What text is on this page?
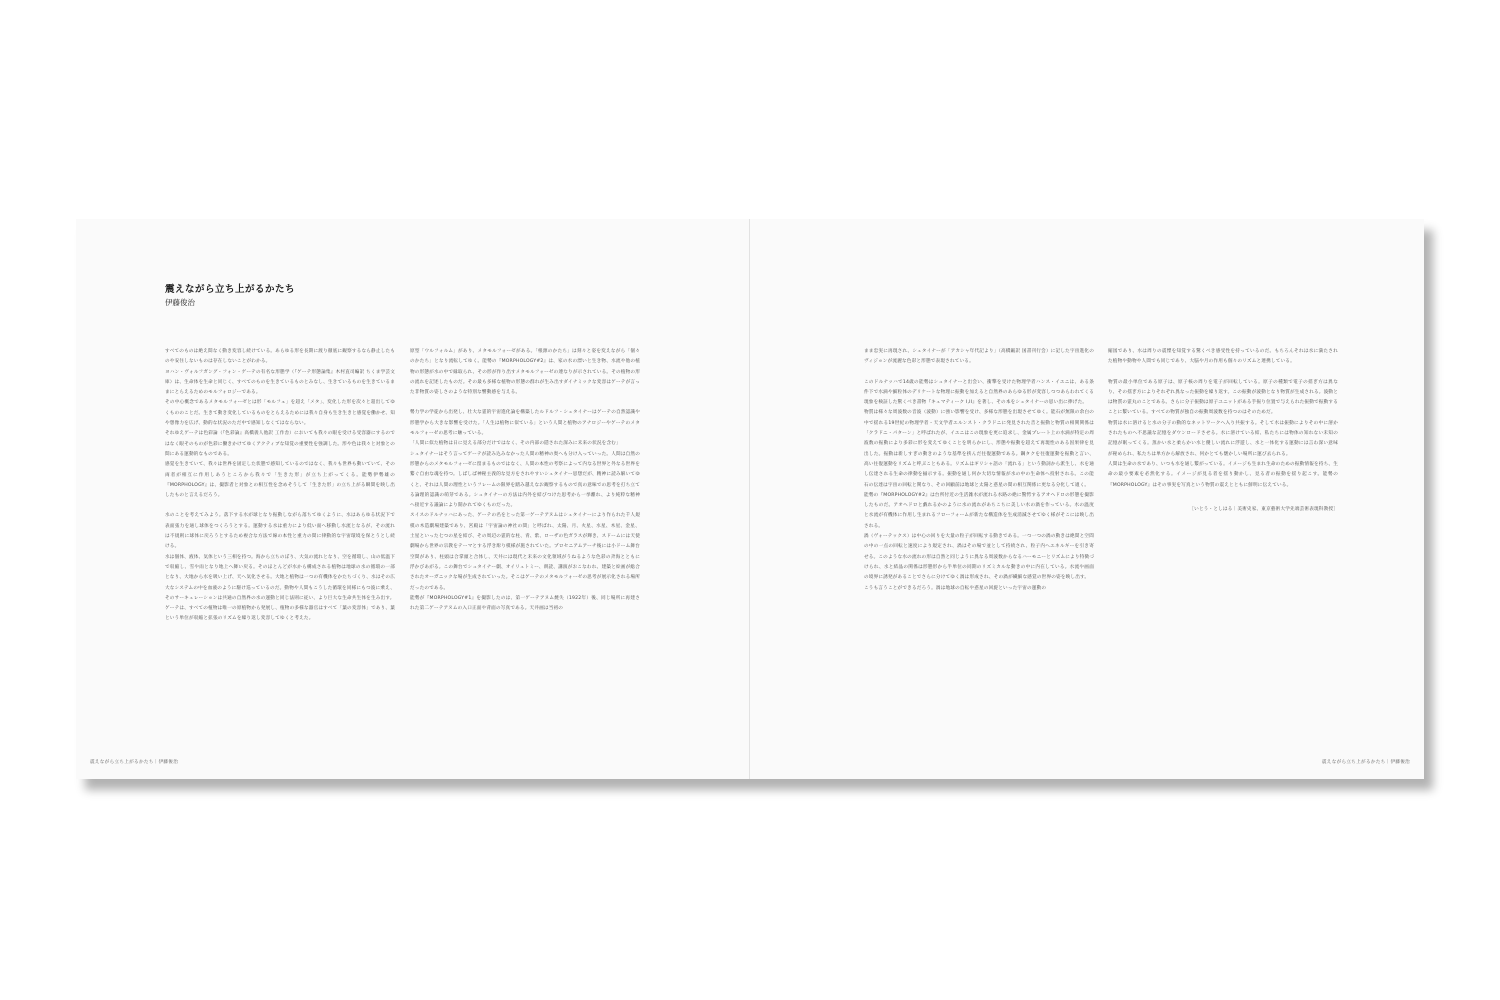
震えながら立ち上がるかたち

伊藤俊治

すべてのものは絶え間なく動き変容し続けている。あらゆる形を長期に渡り徹底に観察するなら静止したものや安住しないものは存在しないことがわかる。

ヨハン・ヴォルフガング・フォン・ゲーテの有名な形態学（『ゲーテ形態論集』木村直司編訳 ちくま学芸文庫）は、生命体を生命と同じく、すべてのものを生きているものとみなし、生きているものを生きているままにとらえるためのモルフォロジーである。

その中心概念であるメタモルフォーゼとは形「モルフェ」を超え「メタ」、変化した形を次々と超出してゆくもののことだ。生きて動き変化しているものをとらえるためには我々自身も生き生きと感覚を働かせ、知や想像力を広げ、動的な状況のただ中で感知しなくてはならない。

それゆえゲーテは色彩論（『色彩論』高橋義人他訳 工作舎）においても我々の眼を受ける受容器にするのではなく眼そのものが色彩に働きかけてゆくアクティブな知覚の重要性を強調した。形や色は我々と対象との間にある運動的なものである。

感覚を生きていて、我々は世界を固定した状態で感知しているのではなく、我々も世界も動いていて、その両者が相互に作用しあうところから我々で「生きた形」が立ち上がってくる。能勢伊勢雄の『MORPHOLOGY』は、撮影者と対象との相互性を念めそうして「生きた形」の立ち上がる瞬間を映し出したものと言えるだろう。

水のことを考えてみよう。落下する水が球となり振動しながら落ちてゆくように、水はあらゆる状況下で表面張力を通し球体をつくろうとする。運動する水は重力により低い面へ移動し水流となるが、その流れは不規則に球体に戻ろうとするため複合な方法で線の本性と重力の間に律動的な宇宙環境を保とうとし続ける。

水は個体、液体、気体という三相を持つ。海から立ちのぼり、大気の流れとなり、空を循環し、山の低温下で収縮し、雪や雨となり地上へ舞い戻る。そのほとんどが水から構成される植物は地球の水の循環の一部となり、大地から水を吸い上げ、天へ気化させる。大地と植物は一つの有機体をかたちづくり、水はその広大なシステムの中を血液のように駆け巡っているのだ。動物や人間もこうした循環を同様にもつ波に乗え、そのサーキュレーションは共通の自然界の水の運動と同じ法則に従い、より巨大な生命共生体を生み出す。

ゲーテは、すべての植物は唯一の原植物から発展し、植物の多様な器官はすべて「葉の変容体」であり、葉という単位が収縮と拡張のリズムを繰り返し変容してゆくと考えた。

原型「ウルフォルム」があり、メタモルフォーゼがある。「根源のかたち」は刻々と姿を変えながら「個々のかたち」となり流転してゆく。能勢の『MORPHOLOGY#2』は、家の水の漂いと生き物、水流や他の植物の形態が水の中で縁取られ、その形が作り出すメタモルフォーゼの連なりが示されている。その植物の形の流れを記述したものだ。その最も多様な植物の形態の群れが生み出すダイナミックな変容はゲーテが言った非物質の姿しさのような特別な響動感を与える。

勢力学の学徒から出発し、壮大な霊的宇宙進化論を構築したルドルフ・シュタイナーはゲーテの自然認識や形態学から大きな影響を受けた。「人生は植物に似ている」という人間と植物のアナロジーやゲーテのメタモルフォーゼの思考に触っている。

「人間に似た植物は日に見える部分だけではなく、その内部の隠された深みに未来の状況を含む」

シュタイナーはそう言ってゲーテが読み込みなかった人間の精神の奥へも分け入っていった。人間は自然の形態からのメタモルフォーゼに留まるものではなく、人間の本性の考察によって内なる世界と外なる世界を繋ぐ自由な魂を持つ。しばしば神秘主義的な見方をされやすいシュタイナー思想だが、精神に読み解いてゆくと、それは人間の理性というフレームの限界を踏み越えなお観察するもので真の意味での思考を打ち立てる論理的認識の萌芽である。シュタイナーの方法は内外を結びつけた思考から一挙離れ、より純粋な精神へ接近する議論により開かれてゆくものだった。

スイスのドルナッハにあった、ゲーテの名をとった第一ゲーテアヌムはシュタイナーにより作られた千人規模の木造劇場建築であり、宮殿は「宇宙論の神社の間」と呼ばれ、太陽、月、火星、水星、木星、金星、土星といった七つの星を結び、その周辺の霊的な柱、青、紫、ローザの色ガラスが輝き、スドームには天使劇場から世界の宗教をテーマとする浮き彫り模様が施されていた。プロセニアムアーチ後には小ドーム舞台空間があり、柱頭は合掌頭と合体し、天井には現代と未来の文化領域がうねるような色彩の斉海とともに浮かびあがる。この舞台でシュタイナー劇、オイリュトミー、朗読、講演がおこなわれ、建築と絵画が総合されたオーガニックな場が生成されていった。そこはゲーテのメタモルフォーゼの思考が展示化される場所だったのである。

能勢が『MORPHOLOGY#1』を撮影したのは、第一ゲーテアヌム焼失（1922年）後、同じ場所に再建された第二ゲーテアヌムの入口正面や背面の写真である。天井画は当初の

震えながら立ち上がるかたち｜伊藤俊治

まま忠実に再現され、シュタイナーが「アカシャ年代記より」（高橋巌訳 国書刊行会）に記した宇宙進化のヴィジョンが流麗な色彩と形態で表現されている。

このドルナッハで14歳の能勢はシュタイナーと出会い、衝撃を受けた物理学者ハンス・イエニは、ある条件下で水滴や細粒体のデリケートな物理に振動を加えると自然界のあらゆる形が変容しつつあらわれてくる現象を検証した驚くべき書物『キュマティーク I,II』を著し、その本をシュタイナーの思い出に捧げた。

物質は様々な周波数の音波（波動）に強い影響を受け、多様な形態を出現させてゆく。能石が無限の余白の中で揺れる19世紀の物理学者・天文学者エルンスト・クラドニに発見された音と振動と物質の相関関係は「クラドニ・パターン」と呼ばれたが、イエニはこの現象を更に追求し、金属プレート上の水滴が特定の周波数の振動により多彩に形を変えてゆくことを明らかにし、形態や振動を超えて再現性のある因果律を見出した。振動は新しすぎの動きのような基準を挟んだ往復運動である。鋼タクを往復運動を振動と言い、高い往復運動をリズムと呼ぶこともある。リズムはギリシャ語の「流れる」という動詞から派生し、水を通し伝達される生命の律動を揃示する。振動を通し何か大切な情報が水の中の生命体へ投射される。この能石の伝達は宇宙の回転と関なり、その回顧前は地球と太陽と惑星の間の相互関係に更なる分化して適く。

能勢の『MORPHOLOGY#2』は台所付近の生活雑水が流れる水路の絶に驚愕するアオヘドロの形態を撮影したものだ。アオヘドロと戯れるかのように水の流れがあちこちに美しい水の渦を作っている。水の温度と水流が有機体に作用し生まれるフローフォームが新たな構造体を生成消滅させてゆく様がそこには映し出される。

渦（ヴォーテックス）は中心の回りを大量の粒子が回転する動きである。一つ一つの渦の動きは絶間と空間の中の一点の回転と速度により規定され、渦はその場で並として持続され、粒子内へエネルギーを引き寄せる。このような水の流れの形は自然と同じように異なる周波数からなるハーモニーとリズムにより特徴づけられ、水と結晶の関係は形態形から半単位の同期のリズミカルな動きの中に内在している。水流や画面の境界に誘発があることでさらに分けてゆく渦は形成され、その渦が繊細な感覚の世界の姿を映し出す。

こうも言うことができるだろう。渦は地球の自転や惑星の回旋といった宇宙の運動の

縮図であり、水は周りの震慄を知覚する驚くべき感受性を持っているのだ。もちろんそれは水に満たされた植物や動物や人間でも同じであり、大脳や月の作用も個々のリズムと連携している。

物質の最小単位である原子は、原子核の周りを電子が回転している。原子の種類で電子の揺ぎ方は異なり、その揺ぎ方によりそれぞれ異なった振動を繰り返す。この振動が波動となり物質が生成される。波動とは物質の霊丸のことである。さらに分子振動は原子ユニットがある手振り位置で与えられた振動で振動することに繋いている。すべての物質が独自の振動周波数を持つのはそのためだ。

物質は水に溶けると水の分子の動的なネットワークへ入り共振する。そして水は振動によりその中に溶かされたものへ不思議な記憶をダウンロードさせる。水に溶けている結、私たちには物体の知れない未知の記憶が眠ってくる。蒸かい水と柔らかい水と優しい流れに浮遊し、水と一体化する運動には言わ深い意味が秘められ、私たちは単方から解放され、何かとても懐かしい場所に運び去られる。

人間は生命の水であり、いつも水を通し繋がっている。イメージも生まれ生命のための振動情報を持ち、生命の最小要素を必然化する。イメージが見る者を揺り動かし、見る者の振動を揺り起こす。能勢の『MORPHOLOGY』はその事実を写真という物質の震えとともに鮮明に伝えている。

［いとう・としはる｜美術史家、東京藝術大学先端芸術表現科教授］

震えながら立ち上がるかたち｜伊藤俊治
